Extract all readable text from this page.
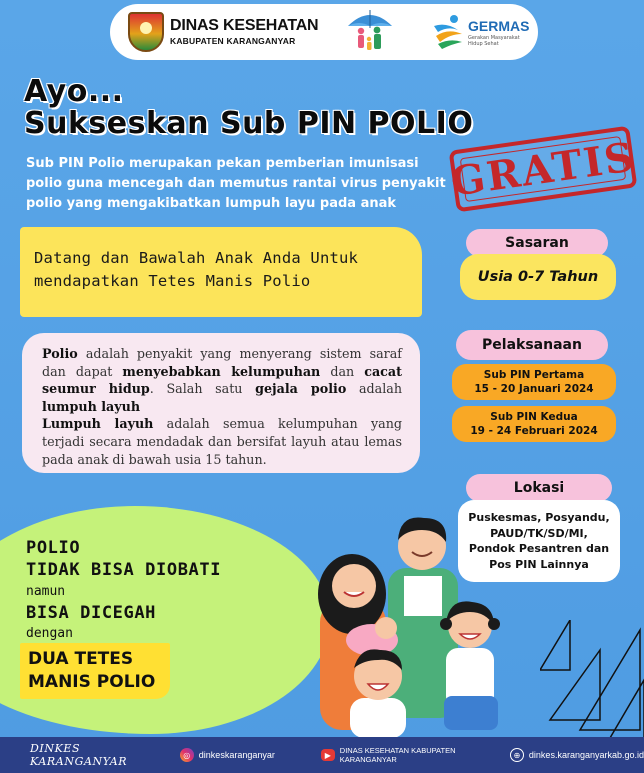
DINAS KESEHATAN
KABUPATEN KARANGANYAR
GERMAS
Gerakan Masyarakat Hidup Sehat
Ayo...
Sukseskan Sub PIN POLIO

Sub PIN Polio merupakan pekan pemberian imunisasi polio guna mencegah dan memutus rantai virus penyakit polio yang mengakibatkan lumpuh layu pada anak	GRATIS
Datang dan Bawalah Anak Anda Untuk
mendapatkan Tetes Manis Polio

Polio adalah penyakit yang menyerang sistem saraf dan dapat menyebabkan kelumpuhan dan cacat seumur hidup. Salah satu gejala polio adalah lumpuh layuh

Lumpuh layuh adalah semua kelumpuhan yang terjadi secara mendadak dan bersifat layuh atau lemas pada anak di bawah usia 15 tahun.

Sasaran
Usia 0-7 Tahun
Pelaksanaan
Sub PIN Pertama
15 - 20 Januari 2024
Sub PIN Kedua
19 - 24 Februari 2024
Lokasi
Puskesmas, Posyandu,
PAUD/TK/SD/MI,
Pondok Pesantren dan
Pos PIN Lainnya
POLIO
TIDAK BISA DIOBATI
namun
BISA DICEGAH
dengan
DUA TETES
MANIS POLIO
DINKES KARANGANYAR	◎ dinkeskaranganyar	▶	DINAS KESEHATAN KABUPATEN KARANGANYAR	⊕ dinkes.karanganyarkab.go.id
